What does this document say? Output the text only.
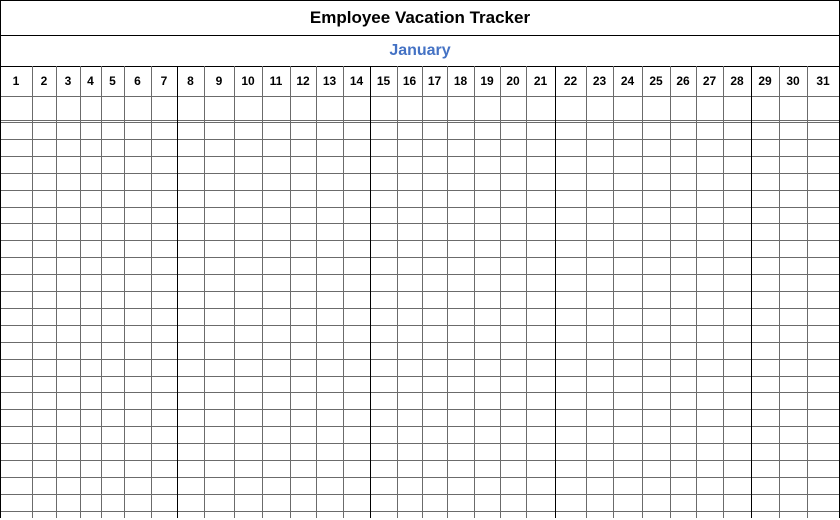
Employee Vacation Tracker
January
1	2	3	4	5	6	7	8	9	10	11	12	13	14	15	16 17	18	19	20	21	22	23	24	25	26	27	28	29	30	31
